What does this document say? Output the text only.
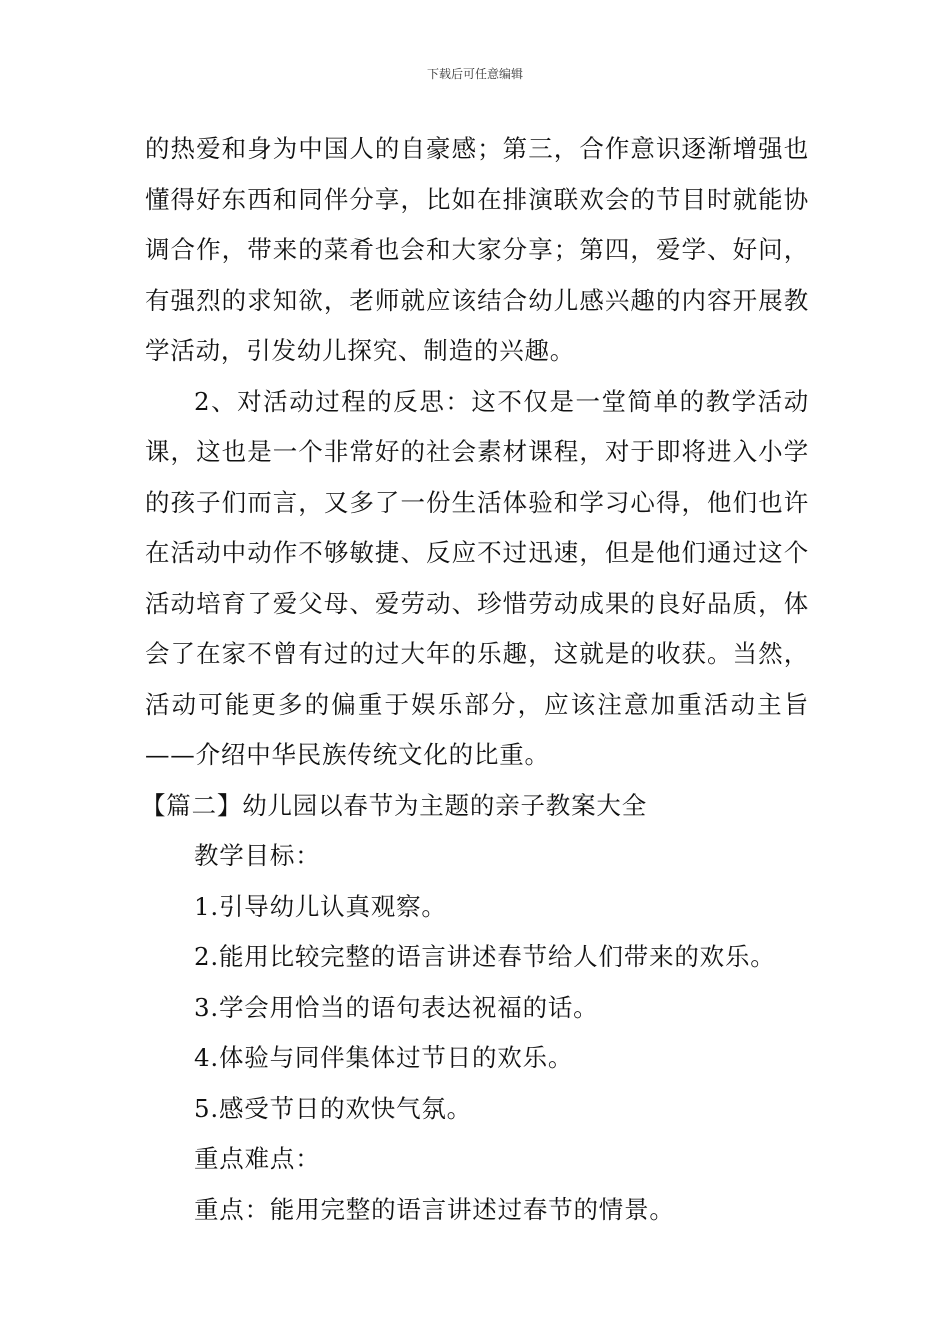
下载后可任意编辑

的热爱和身为中国人的自豪感；第三，合作意识逐渐增强也懂得好东西和同伴分享，比如在排演联欢会的节目时就能协调合作，带来的菜肴也会和大家分享；第四，爱学、好问，有强烈的求知欲，老师就应该结合幼儿感兴趣的内容开展教学活动，引发幼儿探究、制造的兴趣。

2、对活动过程的反思：这不仅是一堂简单的教学活动课，这也是一个非常好的社会素材课程，对于即将进入小学的孩子们而言，又多了一份生活体验和学习心得，他们也许在活动中动作不够敏捷、反应不过迅速，但是他们通过这个活动培育了爱父母、爱劳动、珍惜劳动成果的良好品质，体会了在家不曾有过的过大年的乐趣，这就是的收获。当然，活动可能更多的偏重于娱乐部分，应该注意加重活动主旨——介绍中华民族传统文化的比重。

【篇二】幼儿园以春节为主题的亲子教案大全

教学目标：

1.引导幼儿认真观察。

2.能用比较完整的语言讲述春节给人们带来的欢乐。

3.学会用恰当的语句表达祝福的话。

4.体验与同伴集体过节日的欢乐。

5.感受节日的欢快气氛。

重点难点：

重点：能用完整的语言讲述过春节的情景。
